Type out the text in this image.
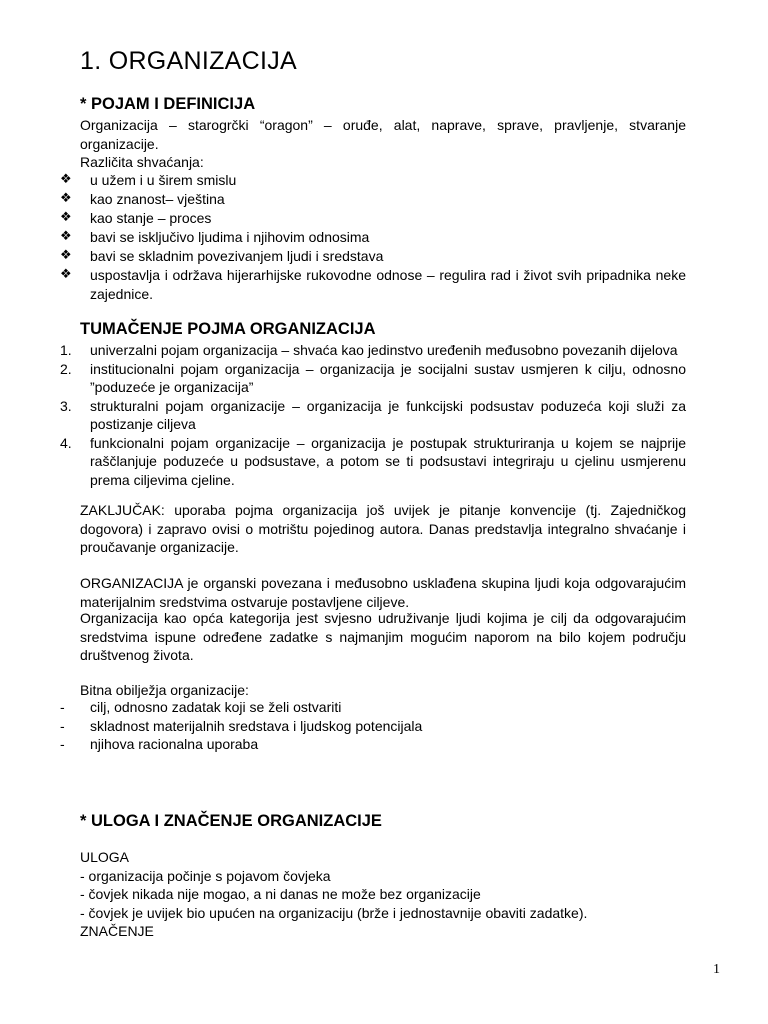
1. ORGANIZACIJA
* POJAM I DEFINICIJA

Organizacija – starogrčki “oragon” – oruđe, alat, naprave, sprave, pravljenje, stvaranje organizacije.

Različita shvaćanja:

❖ u užem i u širem smislu
❖ kao znanost– vještina
❖ kao stanje – proces
❖ bavi se isključivo ljudima i njihovim odnosima
❖ bavi se skladnim povezivanjem ljudi i sredstava
❖ uspostavlja i održava hijerarhijske rukovodne odnose – regulira rad i život svih pripadnika neke zajednice.
TUMAČENJE POJMA ORGANIZACIJA
1. univerzalni pojam organizacija – shvaća kao jedinstvo uređenih međusobno povezanih dijelova
2. institucionalni pojam organizacija – organizacija je socijalni sustav usmjeren k cilju, odnosno ”poduzeće je organizacija”
3. strukturalni pojam organizacije – organizacija je funkcijski podsustav poduzeća koji služi za postizanje ciljeva
4. funkcionalni pojam organizacije – organizacija je postupak strukturiranja u kojem se najprije raščlanjuje poduzeće u podsustave, a potom se ti podsustavi integriraju u cjelinu usmjerenu prema ciljevima cjeline.

ZAKLJUČAK: uporaba pojma organizacija još uvijek je pitanje konvencije (tj. Zajedničkog dogovora) i zapravo ovisi o motrištu pojedinog autora. Danas predstavlja integralno shvaćanje i proučavanje organizacije.

ORGANIZACIJA je organski povezana i međusobno usklađena skupina ljudi koja odgovarajućim materijalnim sredstvima ostvaruje postavljene ciljeve.

Organizacija kao opća kategorija jest svjesno udruživanje ljudi kojima je cilj da odgovarajućim sredstvima ispune određene zadatke s najmanjim mogućim naporom na bilo kojem području društvenog života.

Bitna obilježja organizacije:

- cilj, odnosno zadatak koji se želi ostvariti
- skladnost materijalnih sredstava i ljudskog potencijala
- njihova racionalna uporaba
* ULOGA I ZNAČENJE ORGANIZACIJE
ULOGA
- organizacija počinje s pojavom čovjeka
- čovjek nikada nije mogao, a ni danas ne može bez organizacije
- čovjek je uvijek bio upućen na organizaciju (brže i jednostavnije obaviti zadatke).
ZNAČENJE
1
